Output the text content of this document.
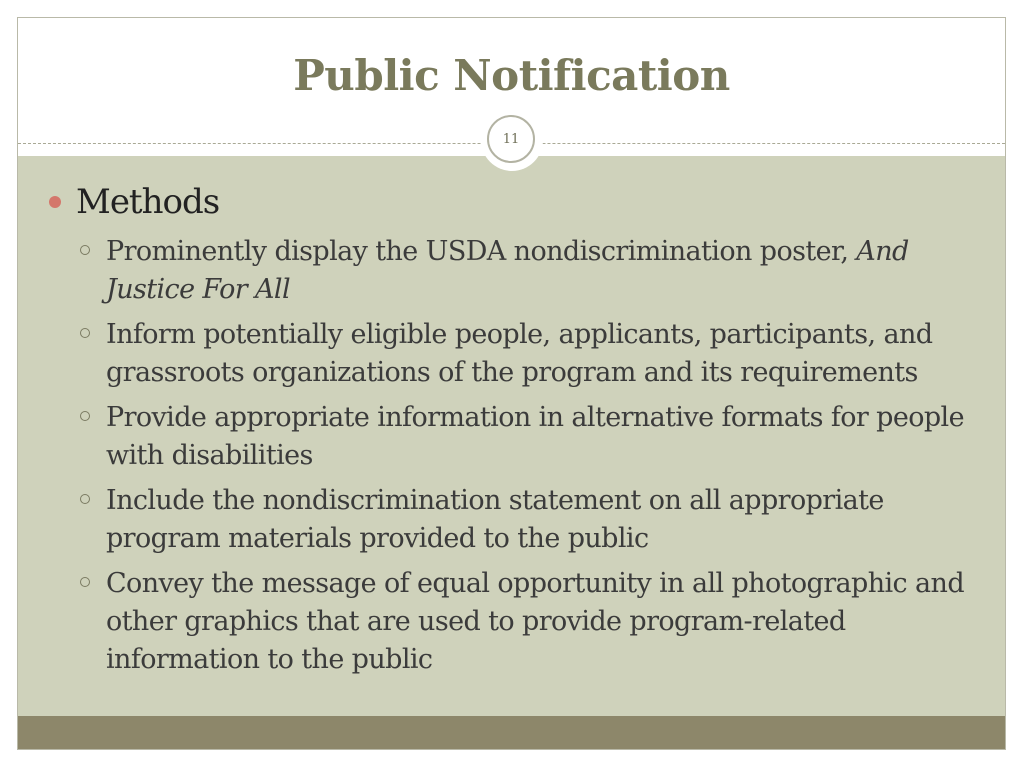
Public Notification
11
Methods
Prominently display the USDA nondiscrimination poster, And Justice For All
Inform potentially eligible people, applicants, participants, and grassroots organizations of the program and its requirements
Provide appropriate information in alternative formats for people with disabilities
Include the nondiscrimination statement on all appropriate program materials provided to the public
Convey the message of equal opportunity in all photographic and other graphics that are used to provide program-related information to the public
